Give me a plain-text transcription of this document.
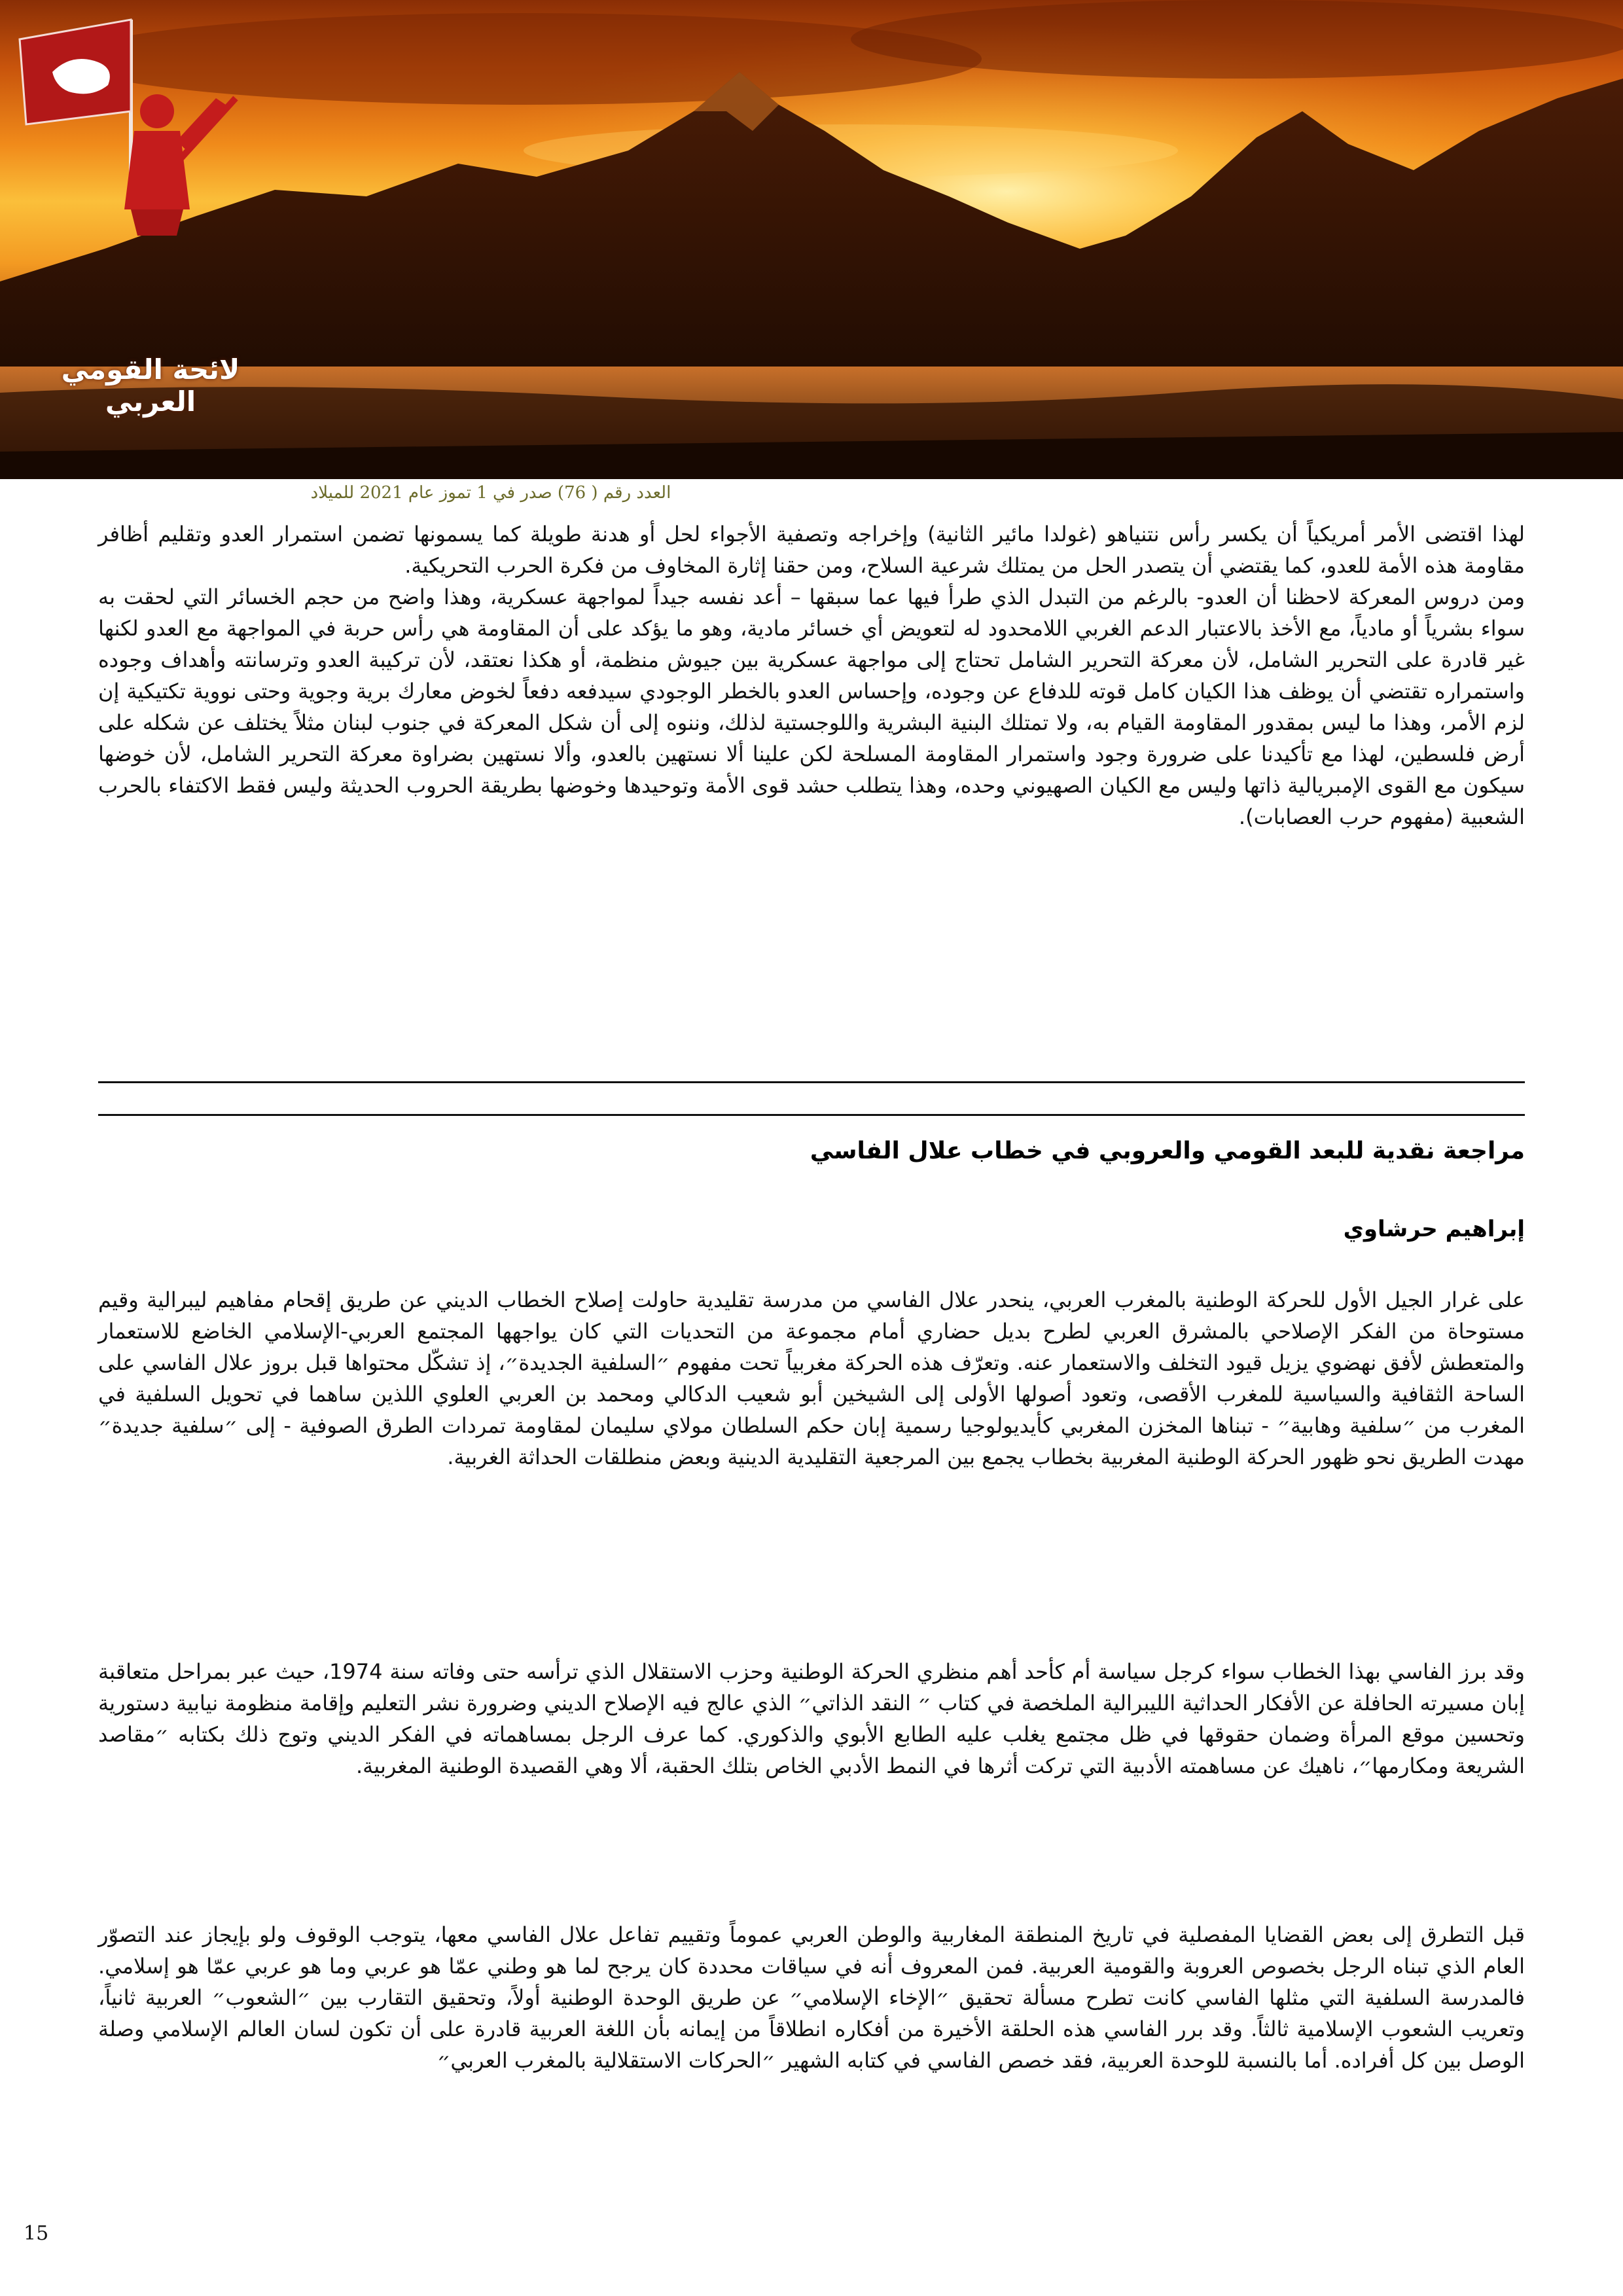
لائحة القومي العربي
العدد رقم ( 76) صدر في 1 تموز عام 2021 للميلاد

لهذا اقتضى الأمر أمريكياً أن يكسر رأس نتنياهو (غولدا مائير الثانية) وإخراجه وتصفية الأجواء لحل أو هدنة طويلة كما يسمونها تضمن استمرار العدو وتقليم أظافر مقاومة هذه الأمة للعدو، كما يقتضي أن يتصدر الحل من يمتلك شرعية السلاح، ومن حقنا إثارة المخاوف من فكرة الحرب التحريكية.

ومن دروس المعركة لاحظنا أن العدو- بالرغم من التبدل الذي طرأ فيها عما سبقها – أعد نفسه جيداً لمواجهة عسكرية، وهذا واضح من حجم الخسائر التي لحقت به سواء بشرياً أو مادياً، مع الأخذ بالاعتبار الدعم الغربي اللامحدود له لتعويض أي خسائر مادية، وهو ما يؤكد على أن المقاومة هي رأس حربة في المواجهة مع العدو لكنها غير قادرة على التحرير الشامل، لأن معركة التحرير الشامل تحتاج إلى مواجهة عسكرية بين جيوش منظمة، أو هكذا نعتقد، لأن تركيبة العدو وترسانته وأهداف وجوده واستمراره تقتضي أن يوظف هذا الكيان كامل قوته للدفاع عن وجوده، وإحساس العدو بالخطر الوجودي سيدفعه دفعاً لخوض معارك برية وجوية وحتى نووية تكتيكية إن لزم الأمر، وهذا ما ليس بمقدور المقاومة القيام به، ولا تمتلك البنية البشرية واللوجستية لذلك، وننوه إلى أن شكل المعركة في جنوب لبنان مثلاً يختلف عن شكله على أرض فلسطين، لهذا مع تأكيدنا على ضرورة وجود واستمرار المقاومة المسلحة لكن علينا ألا نستهين بالعدو، وألا نستهين بضراوة معركة التحرير الشامل، لأن خوضها سيكون مع القوى الإمبريالية ذاتها وليس مع الكيان الصهيوني وحده، وهذا يتطلب حشد قوى الأمة وتوحيدها وخوضها بطريقة الحروب الحديثة وليس فقط الاكتفاء بالحرب الشعبية (مفهوم حرب العصابات).

مراجعة نقدية للبعد القومي والعروبي في خطاب علال الفاسي
إبراهيم حرشاوي

على غرار الجيل الأول للحركة الوطنية بالمغرب العربي، ينحدر علال الفاسي من مدرسة تقليدية حاولت إصلاح الخطاب الديني عن طريق إقحام مفاهيم ليبرالية وقيم مستوحاة من الفكر الإصلاحي بالمشرق العربي لطرح بديل حضاري أمام مجموعة من التحديات التي كان يواجهها المجتمع العربي-الإسلامي الخاضع للاستعمار والمتعطش لأفق نهضوي يزيل قيود التخلف والاستعمار عنه. وتعرّف هذه الحركة مغربياً تحت مفهوم ״السلفية الجديدة״، إذ تشكّل محتواها قبل بروز علال الفاسي على الساحة الثقافية والسياسية للمغرب الأقصى، وتعود أصولها الأولى إلى الشيخين أبو شعيب الدكالي ومحمد بن العربي العلوي اللذين ساهما في تحويل السلفية في المغرب من ״سلفية وهابية״ - تبناها المخزن المغربي كأيديولوجيا رسمية إبان حكم السلطان مولاي سليمان لمقاومة تمردات الطرق الصوفية - إلى ״سلفية جديدة״ مهدت الطريق نحو ظهور الحركة الوطنية المغربية بخطاب يجمع بين المرجعية التقليدية الدينية وبعض منطلقات الحداثة الغربية.

وقد برز الفاسي بهذا الخطاب سواء كرجل سياسة أم كأحد أهم منظري الحركة الوطنية وحزب الاستقلال الذي ترأسه حتى وفاته سنة 1974، حيث عبر بمراحل متعاقبة إبان مسيرته الحافلة عن الأفكار الحداثية الليبرالية الملخصة في كتاب ״ النقد الذاتي״ الذي عالج فيه الإصلاح الديني وضرورة نشر التعليم وإقامة منظومة نيابية دستورية وتحسين موقع المرأة وضمان حقوقها في ظل مجتمع يغلب عليه الطابع الأبوي والذكوري. كما عرف الرجل بمساهماته في الفكر الديني وتوج ذلك بكتابه ״مقاصد الشريعة ومكارمها״، ناهيك عن مساهمته الأدبية التي تركت أثرها في النمط الأدبي الخاص بتلك الحقبة، ألا وهي القصيدة الوطنية المغربية.

قبل التطرق إلى بعض القضايا المفصلية في تاريخ المنطقة المغاربية والوطن العربي عموماً وتقييم تفاعل علال الفاسي معها، يتوجب الوقوف ولو بإيجاز عند التصوّر العام الذي تبناه الرجل بخصوص العروبة والقومية العربية. فمن المعروف أنه في سياقات محددة كان يرجح لما هو وطني عمّا هو عربي وما هو عربي عمّا هو إسلامي. فالمدرسة السلفية التي مثلها الفاسي كانت تطرح مسألة تحقيق ״الإخاء الإسلامي״ عن طريق الوحدة الوطنية أولاً، وتحقيق التقارب بين ״الشعوب״ العربية ثانياً، وتعريب الشعوب الإسلامية ثالثاً. وقد برر الفاسي هذه الحلقة الأخيرة من أفكاره انطلاقاً من إيمانه بأن اللغة العربية قادرة على أن تكون لسان العالم الإسلامي وصلة الوصل بين كل أفراده. أما بالنسبة للوحدة العربية، فقد خصص الفاسي في كتابه الشهير ״الحركات الاستقلالية بالمغرب العربي״

15
